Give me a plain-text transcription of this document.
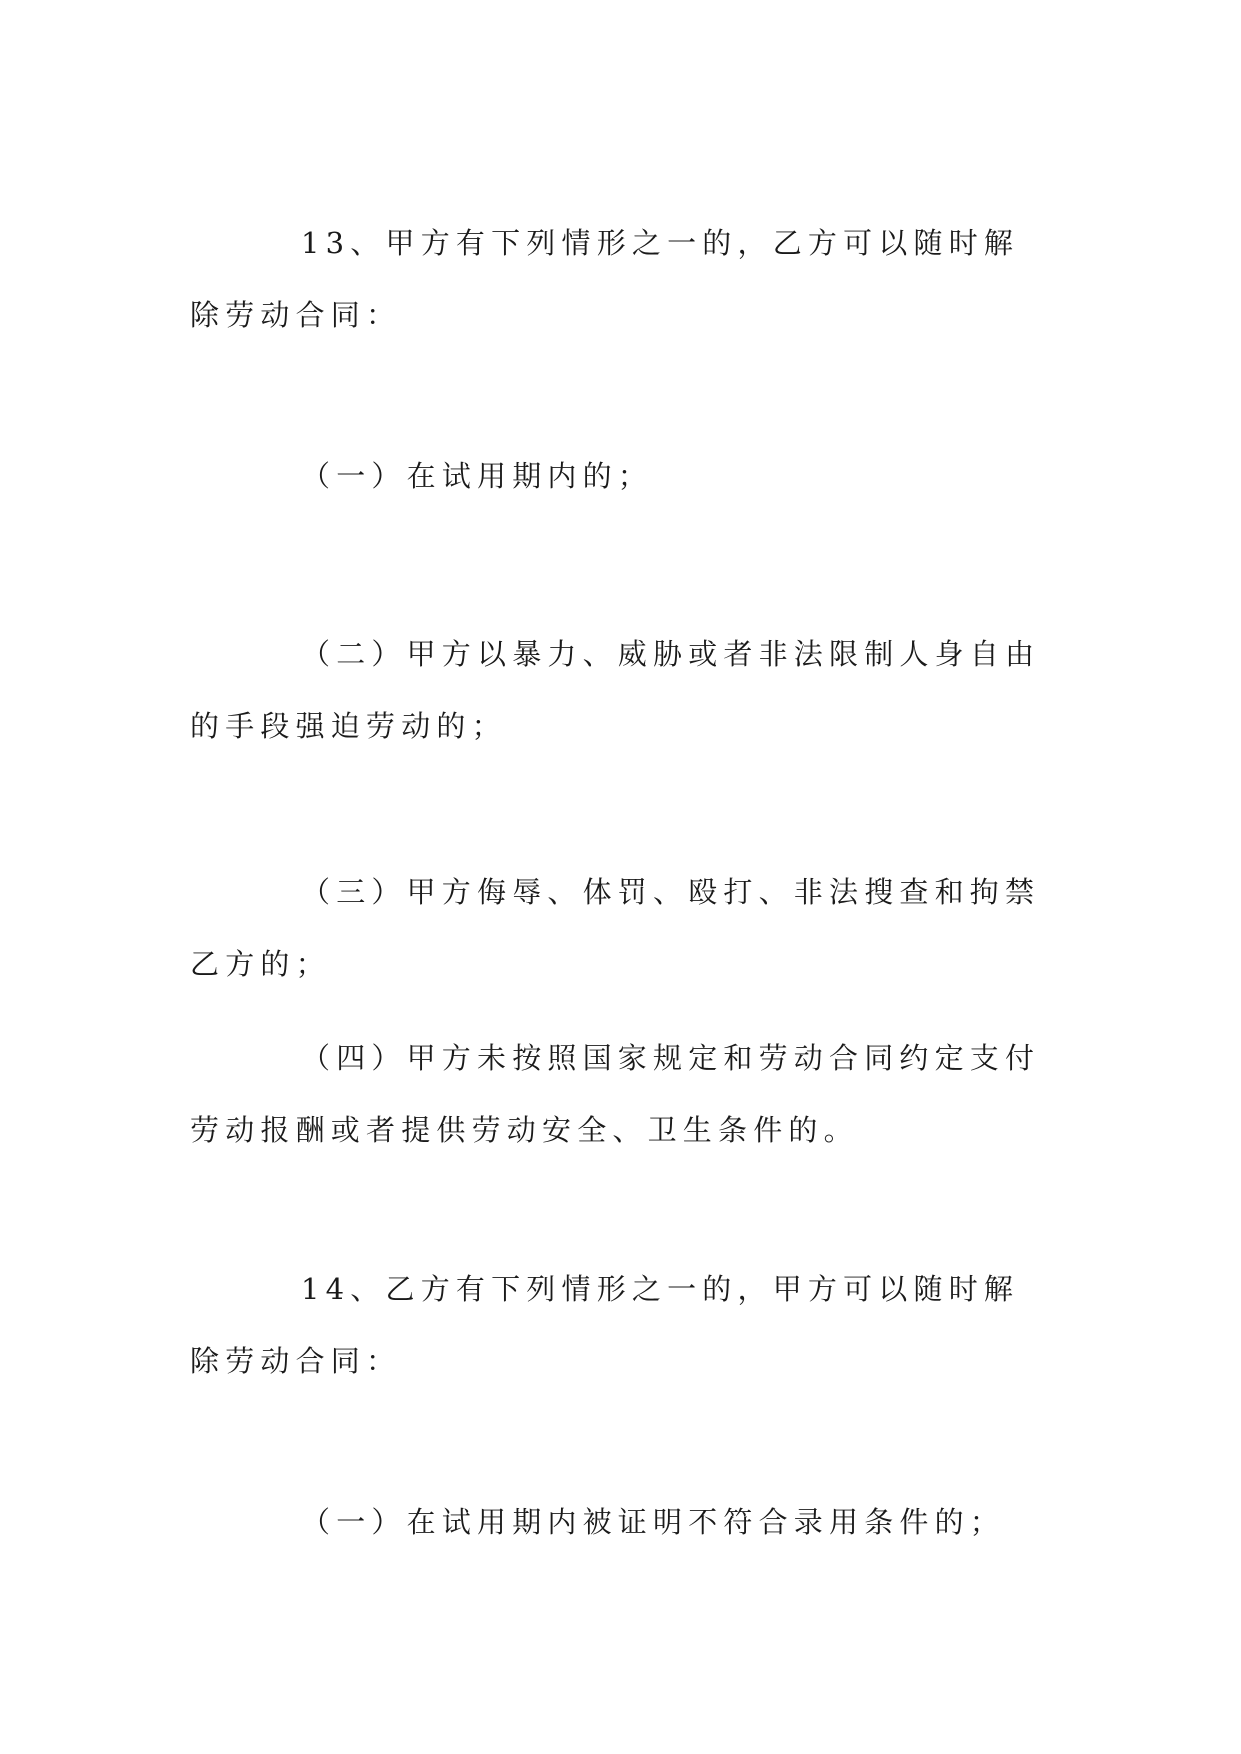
13、甲方有下列情形之一的，乙方可以随时解除劳动合同：

（一）在试用期内的；

（二）甲方以暴力、威胁或者非法限制人身自由的手段强迫劳动的；

（三）甲方侮辱、体罚、殴打、非法搜查和拘禁乙方的；

（四）甲方未按照国家规定和劳动合同约定支付劳动报酬或者提供劳动安全、卫生条件的。

14、乙方有下列情形之一的，甲方可以随时解除劳动合同：

（一）在试用期内被证明不符合录用条件的；
